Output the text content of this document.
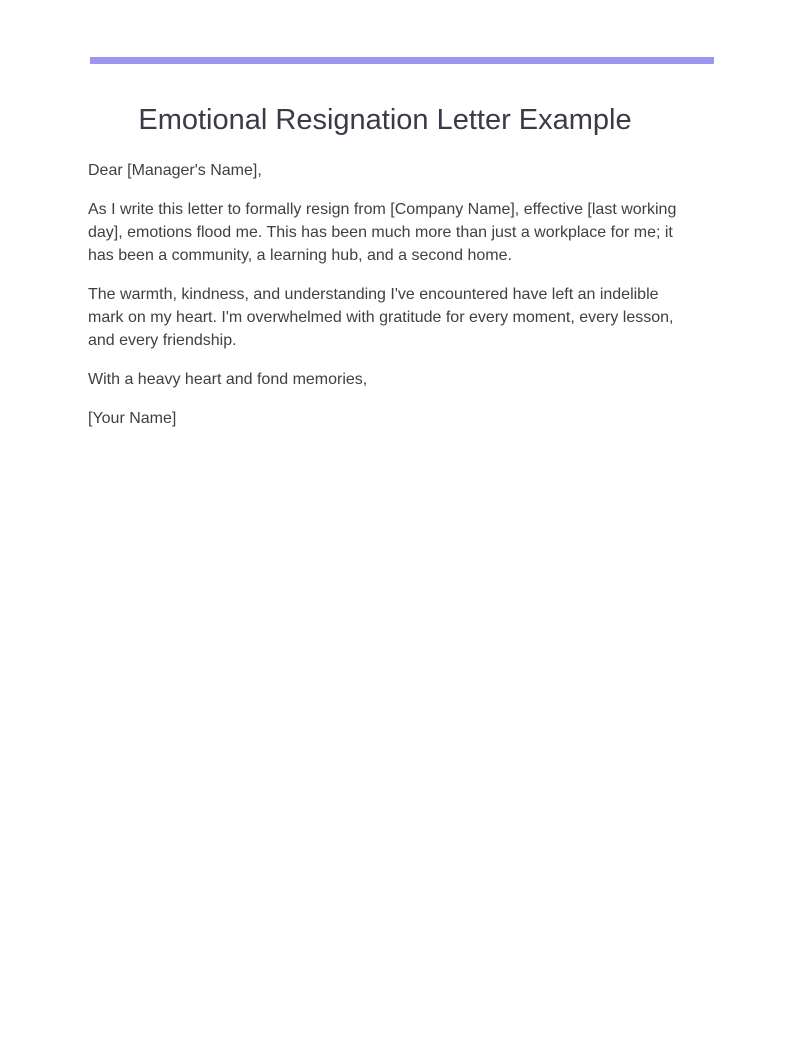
Emotional Resignation Letter Example

Dear [Manager's Name],

As I write this letter to formally resign from [Company Name], effective [last working day], emotions flood me. This has been much more than just a workplace for me; it has been a community, a learning hub, and a second home.

The warmth, kindness, and understanding I've encountered have left an indelible mark on my heart. I'm overwhelmed with gratitude for every moment, every lesson, and every friendship.

With a heavy heart and fond memories,

[Your Name]
